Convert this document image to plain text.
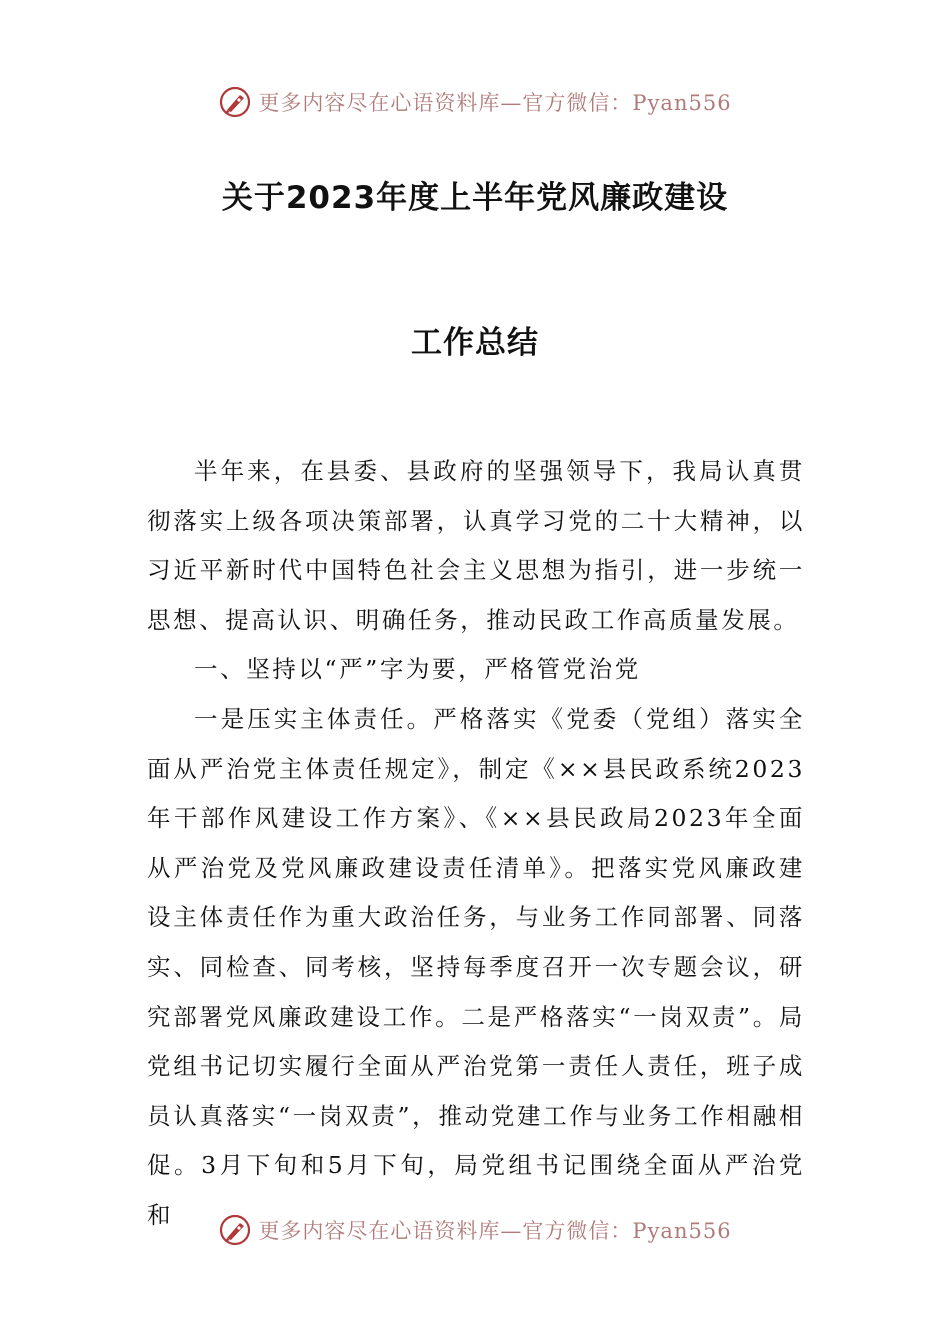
更多内容尽在心语资料库—官方微信：Pyan556
关于2023年度上半年党风廉政建设
工作总结

半年来，在县委、县政府的坚强领导下，我局认真贯彻落实上级各项决策部署，认真学习党的二十大精神，以习近平新时代中国特色社会主义思想为指引，进一步统一思想、提高认识、明确任务，推动民政工作高质量发展。

一、坚持以“严”字为要，严格管党治党

一是压实主体责任。严格落实《党委（党组）落实全面从严治党主体责任规定》，制定《××县民政系统2023年干部作风建设工作方案》、《××县民政局2023年全面从严治党及党风廉政建设责任清单》。把落实党风廉政建设主体责任作为重大政治任务，与业务工作同部署、同落实、同检查、同考核，坚持每季度召开一次专题会议，研究部署党风廉政建设工作。二是严格落实“一岗双责”。局党组书记切实履行全面从严治党第一责任人责任，班子成员认真落实“一岗双责”，推动党建工作与业务工作相融相促。3月下旬和5月下旬，局党组书记围绕全面从严治党和

更多内容尽在心语资料库—官方微信：Pyan556
